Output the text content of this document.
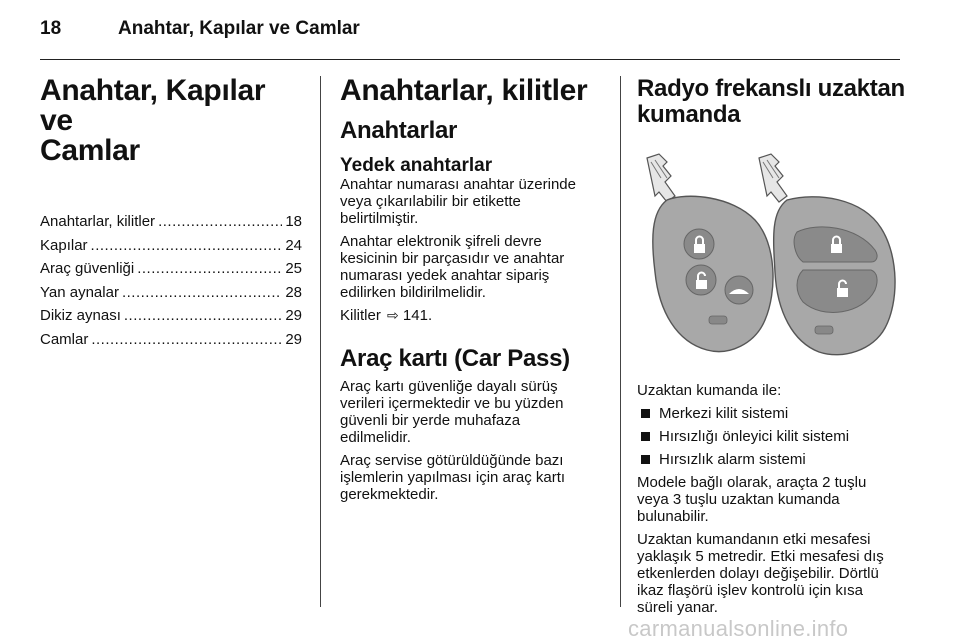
18	Anahtar, Kapılar ve Camlar
Anahtar, Kapılar ve
Camlar
Anahtarlar, kilitler .....	18
Kapılar .....	24
Araç güvenliği .....	25
Yan aynalar .....	28
Dikiz aynası .....	29
Camlar .....	29
Anahtarlar, kilitler
Anahtarlar
Yedek anahtarlar

Anahtar numarası anahtar üzerinde
veya çıkarılabilir bir etikette
belirtilmiştir.

Anahtar elektronik şifreli devre
kesicinin bir parçasıdır ve anahtar
numarası yedek anahtar sipariş
edilirken bildirilmelidir.

Kilitler ⇨ 141.

Araç kartı (Car Pass)

Araç kartı güvenliğe dayalı sürüş
verileri içermektedir ve bu yüzden
güvenli bir yerde muhafaza
edilmelidir.

Araç servise götürüldüğünde bazı
işlemlerin yapılması için araç kartı
gerekmektedir.

Radyo frekanslı uzaktan
kumanda

Uzaktan kumanda ile:

Merkezi kilit sistemi
Hırsızlığı önleyici kilit sistemi
Hırsızlık alarm sistemi

Modele bağlı olarak, araçta 2 tuşlu
veya 3 tuşlu uzaktan kumanda
bulunabilir.

Uzaktan kumandanın etki mesafesi
yaklaşık 5 metredir. Etki mesafesi dış
etkenlerden dolayı değişebilir. Dörtlü
ikaz flaşörü işlev kontrolü için kısa
süreli yanar.

carmanualsonline.info
